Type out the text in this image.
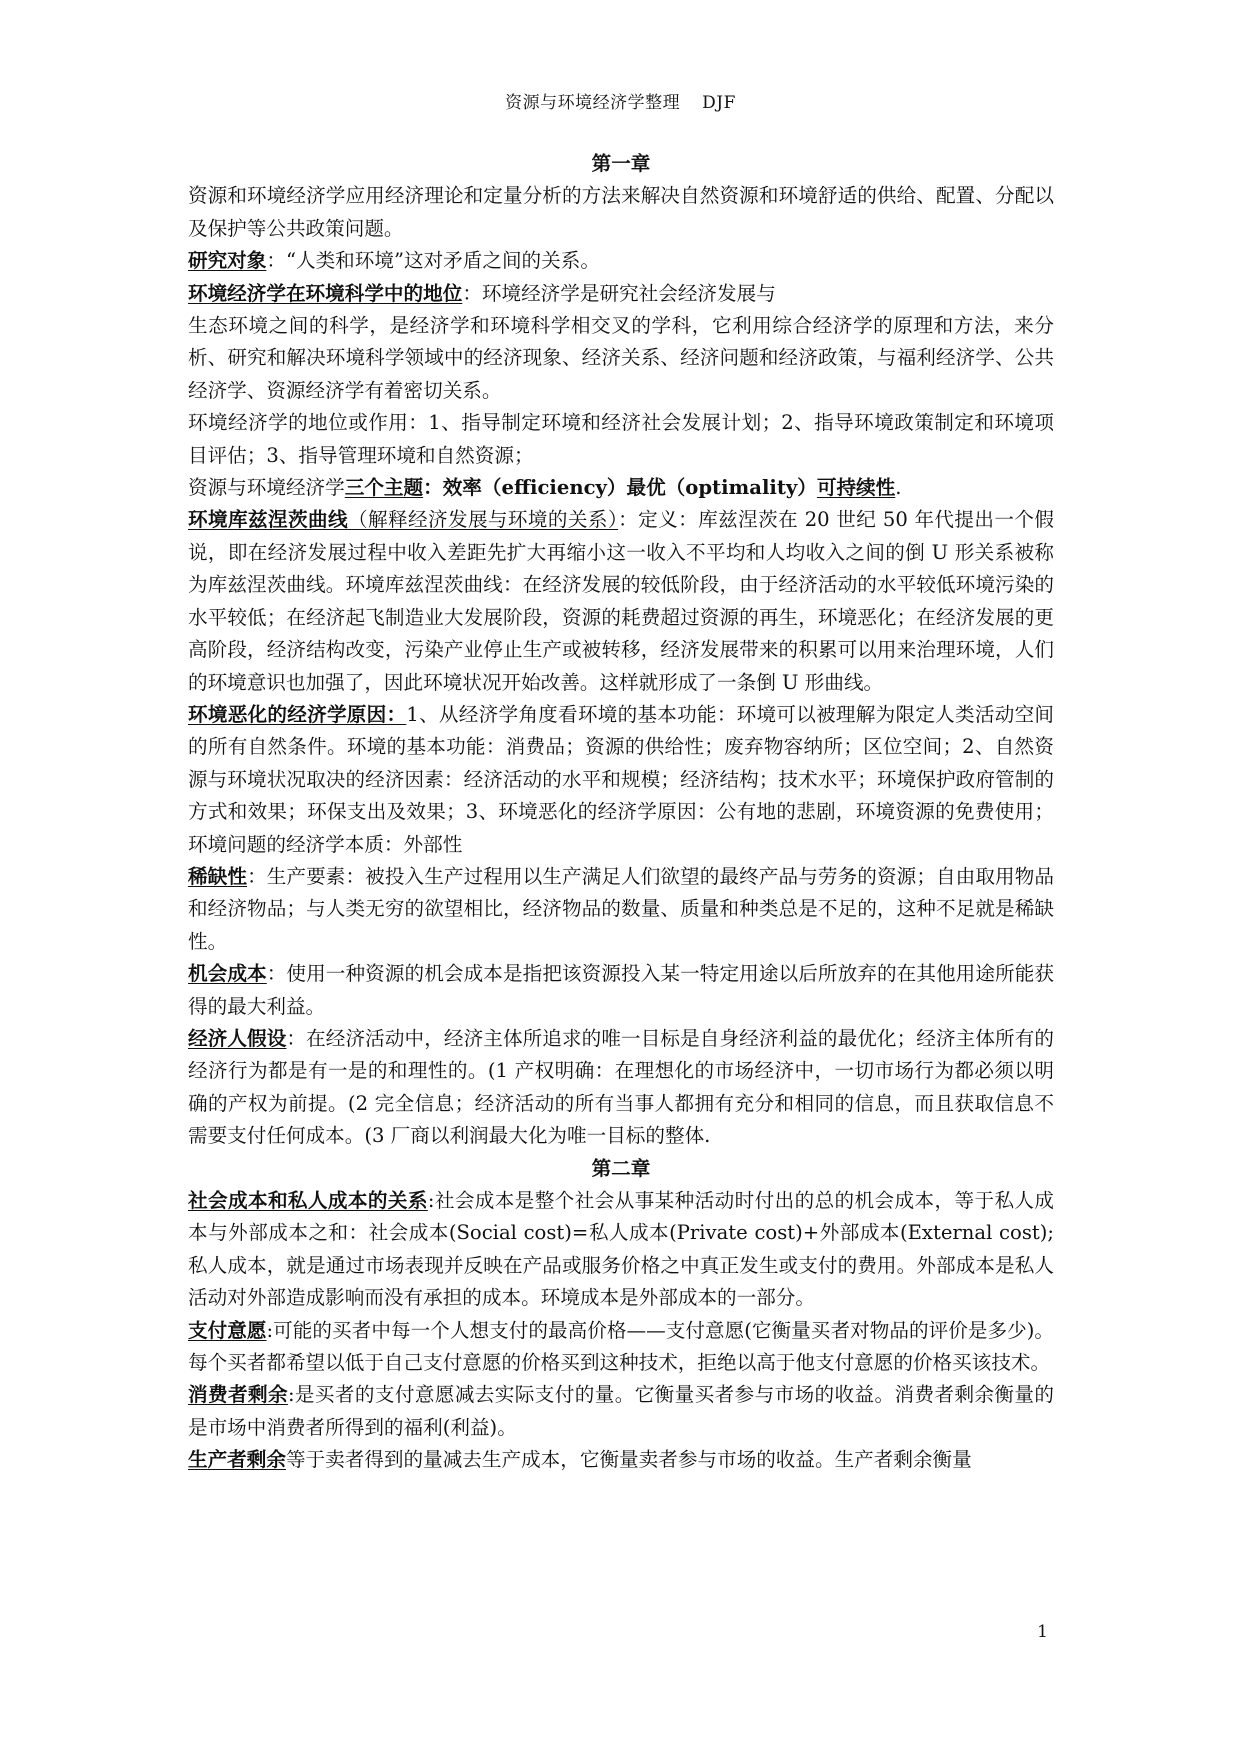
资源与环境经济学整理 DJF

第一章

资源和环境经济学应用经济理论和定量分析的方法来解决自然资源和环境舒适的供给、配置、分配以及保护等公共政策问题。

研究对象：“人类和环境”这对矛盾之间的关系。

环境经济学在环境科学中的地位：环境经济学是研究社会经济发展与

生态环境之间的科学，是经济学和环境科学相交叉的学科，它利用综合经济学的原理和方法，来分析、研究和解决环境科学领域中的经济现象、经济关系、经济问题和经济政策，与福利经济学、公共经济学、资源经济学有着密切关系。

环境经济学的地位或作用：1、指导制定环境和经济社会发展计划；2、指导环境政策制定和环境项目评估；3、指导管理环境和自然资源；

资源与环境经济学三个主题：效率（efficiency）最优（optimality）可持续性.

环境库兹涅茨曲线（解释经济发展与环境的关系）：定义：库兹涅茨在 20 世纪 50 年代提出一个假说，即在经济发展过程中收入差距先扩大再缩小这一收入不平均和人均收入之间的倒 U 形关系被称为库兹涅茨曲线。环境库兹涅茨曲线：在经济发展的较低阶段，由于经济活动的水平较低环境污染的水平较低；在经济起飞制造业大发展阶段，资源的耗费超过资源的再生，环境恶化；在经济发展的更高阶段，经济结构改变，污染产业停止生产或被转移，经济发展带来的积累可以用来治理环境，人们的环境意识也加强了，因此环境状况开始改善。这样就形成了一条倒 U 形曲线。

环境恶化的经济学原因：1、从经济学角度看环境的基本功能：环境可以被理解为限定人类活动空间的所有自然条件。环境的基本功能：消费品；资源的供给性；废弃物容纳所；区位空间；2、自然资源与环境状况取决的经济因素：经济活动的水平和规模；经济结构；技术水平；环境保护政府管制的方式和效果；环保支出及效果；3、环境恶化的经济学原因：公有地的悲剧，环境资源的免费使用；环境问题的经济学本质：外部性

稀缺性：生产要素：被投入生产过程用以生产满足人们欲望的最终产品与劳务的资源；自由取用物品和经济物品；与人类无穷的欲望相比，经济物品的数量、质量和种类总是不足的，这种不足就是稀缺性。

机会成本：使用一种资源的机会成本是指把该资源投入某一特定用途以后所放弃的在其他用途所能获得的最大利益。

经济人假设：在经济活动中，经济主体所追求的唯一目标是自身经济利益的最优化；经济主体所有的经济行为都是有一是的和理性的。(1 产权明确：在理想化的市场经济中，一切市场行为都必须以明确的产权为前提。(2 完全信息；经济活动的所有当事人都拥有充分和相同的信息，而且获取信息不需要支付任何成本。(3 厂商以利润最大化为唯一目标的整体.

第二章

社会成本和私人成本的关系:社会成本是整个社会从事某种活动时付出的总的机会成本，等于私人成本与外部成本之和：社会成本(Social cost)=私人成本(Private cost)+外部成本(External cost);私人成本，就是通过市场表现并反映在产品或服务价格之中真正发生或支付的费用。外部成本是私人活动对外部造成影响而没有承担的成本。环境成本是外部成本的一部分。

支付意愿:可能的买者中每一个人想支付的最高价格——支付意愿(它衡量买者对物品的评价是多少)。每个买者都希望以低于自己支付意愿的价格买到这种技术，拒绝以高于他支付意愿的价格买该技术。

消费者剩余:是买者的支付意愿减去实际支付的量。它衡量买者参与市场的收益。消费者剩余衡量的是市场中消费者所得到的福利(利益)。

生产者剩余等于卖者得到的量减去生产成本，它衡量卖者参与市场的收益。生产者剩余衡量

1
